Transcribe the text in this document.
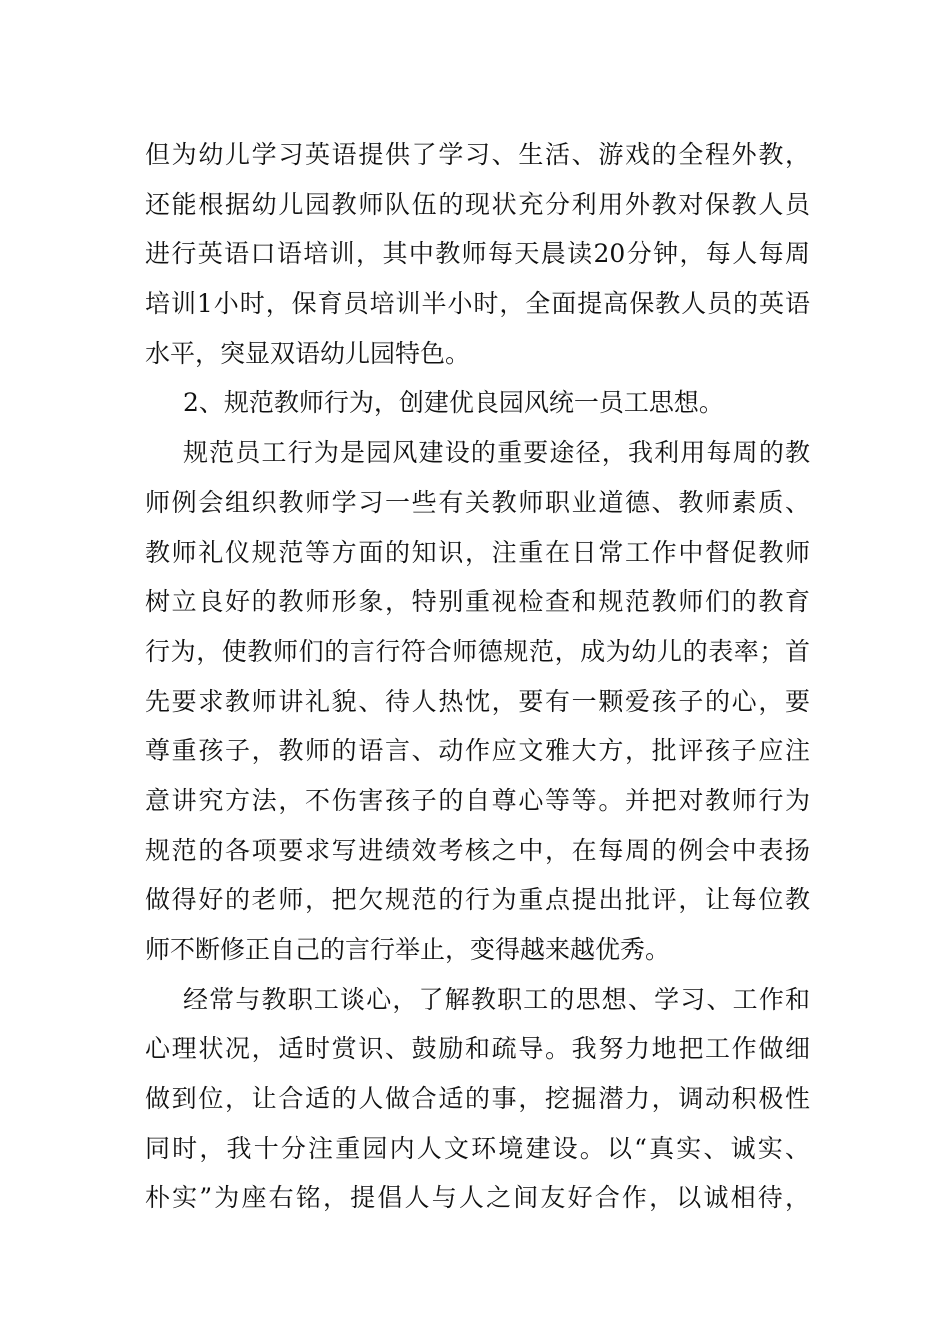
但为幼儿学习英语提供了学习、生活、游戏的全程外教，
还能根据幼儿园教师队伍的现状充分利用外教对保教人员
进行英语口语培训，其中教师每天晨读20分钟，每人每周
培训1小时，保育员培训半小时，全面提高保教人员的英语
水平，突显双语幼儿园特色。
2、规范教师行为，创建优良园风统一员工思想。
规范员工行为是园风建设的重要途径，我利用每周的教
师例会组织教师学习一些有关教师职业道德、教师素质、
教师礼仪规范等方面的知识，注重在日常工作中督促教师
树立良好的教师形象，特别重视检查和规范教师们的教育
行为，使教师们的言行符合师德规范，成为幼儿的表率；首
先要求教师讲礼貌、待人热忱，要有一颗爱孩子的心，要
尊重孩子，教师的语言、动作应文雅大方，批评孩子应注
意讲究方法，不伤害孩子的自尊心等等。并把对教师行为
规范的各项要求写进绩效考核之中，在每周的例会中表扬
做得好的老师，把欠规范的行为重点提出批评，让每位教
师不断修正自己的言行举止，变得越来越优秀。
经常与教职工谈心，了解教职工的思想、学习、工作和
心理状况，适时赏识、鼓励和疏导。我努力地把工作做细
做到位，让合适的人做合适的事，挖掘潜力，调动积极性
同时，我十分注重园内人文环境建设。以“真实、诚实、
朴实”为座右铭，提倡人与人之间友好合作，以诚相待，
